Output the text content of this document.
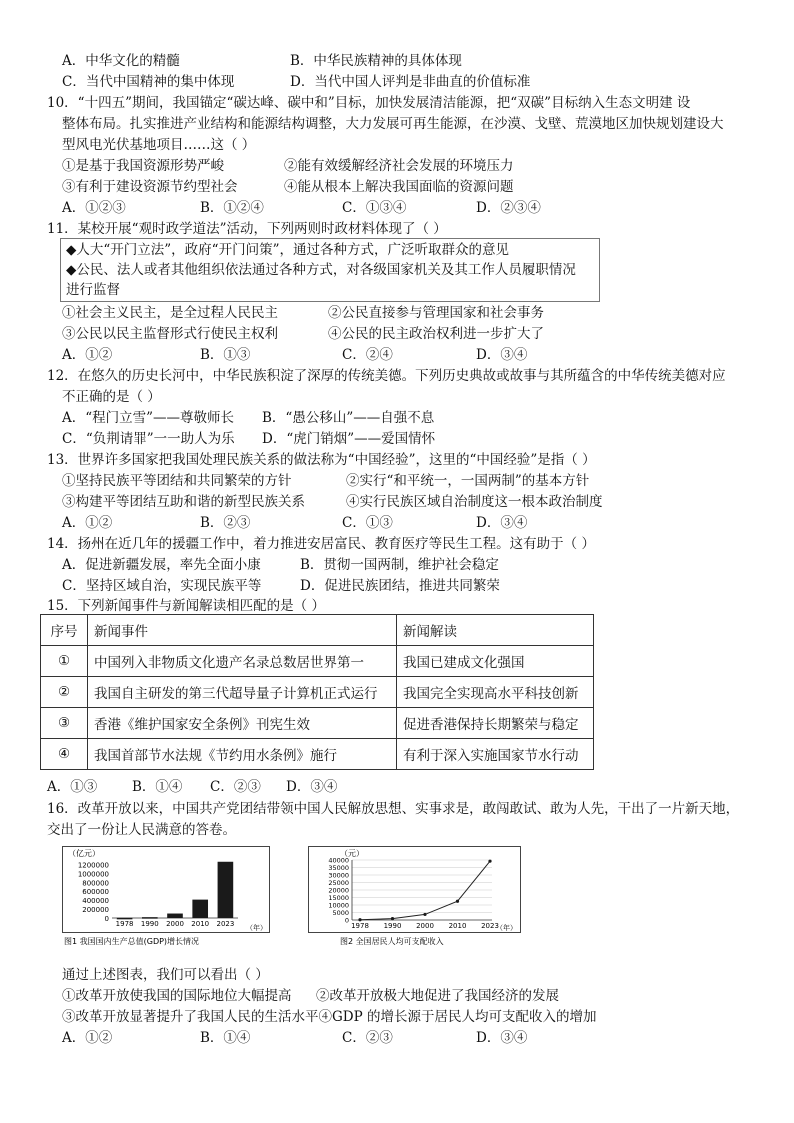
A．中华文化的精髓	B．中华民族精神的具体体现
C．当代中国精神的集中体现	D．当代中国人评判是非曲直的价值标准
10．“十四五”期间，我国锚定“碳达峰、碳中和”目标，加快发展清洁能源，把“双碳”目标纳入生态文明建 设
整体布局。扎实推进产业结构和能源结构调整，大力发展可再生能源，在沙漠、戈壁、荒漠地区加快规划建设大
型风电光伏基地项目……这（ ）
①是基于我国资源形势严峻	②能有效缓解经济社会发展的环境压力
③有利于建设资源节约型社会	④能从根本上解决我国面临的资源问题
A．①②③	B．①②④	C．①③④	D．②③④
11．某校开展“观时政学道法”活动，下列两则时政材料体现了（ ）
◆人大“开门立法”，政府“开门问策”，通过各种方式，广泛听取群众的意见
◆公民、法人或者其他组织依法通过各种方式，对各级国家机关及其工作人员履职情况
进行监督
①社会主义民主，是全过程人民民主	②公民直接参与管理国家和社会事务
③公民以民主监督形式行使民主权利	④公民的民主政治权利进一步扩大了
A．①②	B．①③	C．②④	D．③④
12．在悠久的历史长河中，中华民族积淀了深厚的传统美德。下列历史典故或故事与其所蕴含的中华传统美德对应
不正确的是（ ）
A．“程门立雪”——尊敬师长 B．“愚公移山”——自强不息
C．“负荆请罪”一一助人为乐 D．“虎门销烟”——爱国情怀
13．世界许多国家把我国处理民族关系的做法称为“中国经验”，这里的“中国经验”是指（ ）
①坚持民族平等团结和共同繁荣的方针	②实行“和平统一，一国两制”的基本方针
③构建平等团结互助和谐的新型民族关系	④实行民族区域自治制度这一根本政治制度
A．①②	B．②③	C．①③	D．③④
14．扬州在近几年的援疆工作中，着力推进安居富民、教育医疗等民生工程。这有助于（ ）
A．促进新疆发展，率先全面小康	B．贯彻一国两制，维护社会稳定
C．坚持区域自治，实现民族平等	D．促进民族团结，推进共同繁荣
15．下列新闻事件与新闻解读相匹配的是（ ）
序号	新闻事件	新闻解读
①	中国列入非物质文化遗产名录总数居世界第一	我国已建成文化强国
②	我国自主研发的第三代超导量子计算机正式运行	我国完全实现高水平科技创新
③	香港《维护国家安全条例》刊宪生效	促进香港保持长期繁荣与稳定
④	我国首部节水法规《节约用水条例》施行	有利于深入实施国家节水行动
A．①③	B．①④ C．②③ D．③④
16．改革开放以来，中国共产党团结带领中国人民解放思想、实事求是，敢闯敢试、敢为人先，干出了一片新天地，
交出了一份让人民满意的答卷。
（亿元）
1200000
1000000
800000
600000
400000
200000
0
1978 1990 2000 2010 2023 （年）
图1 我国国内生产总值(GDP)增长情况
（元）
40000
35000
30000
25000
20000
15000
10000
5000
0
1978 1990 2000 2010 2023
（年）
图2 全国居民人均可支配收入
通过上述图表，我们可以看出（ ）
①改革开放使我国的国际地位大幅提高 ②改革开放极大地促进了我国经济的发展
③改革开放显著提升了我国人民的生活水平④GDP 的增长源于居民人均可支配收入的增加
A．①②	B．①④	C．②③	D．③④
